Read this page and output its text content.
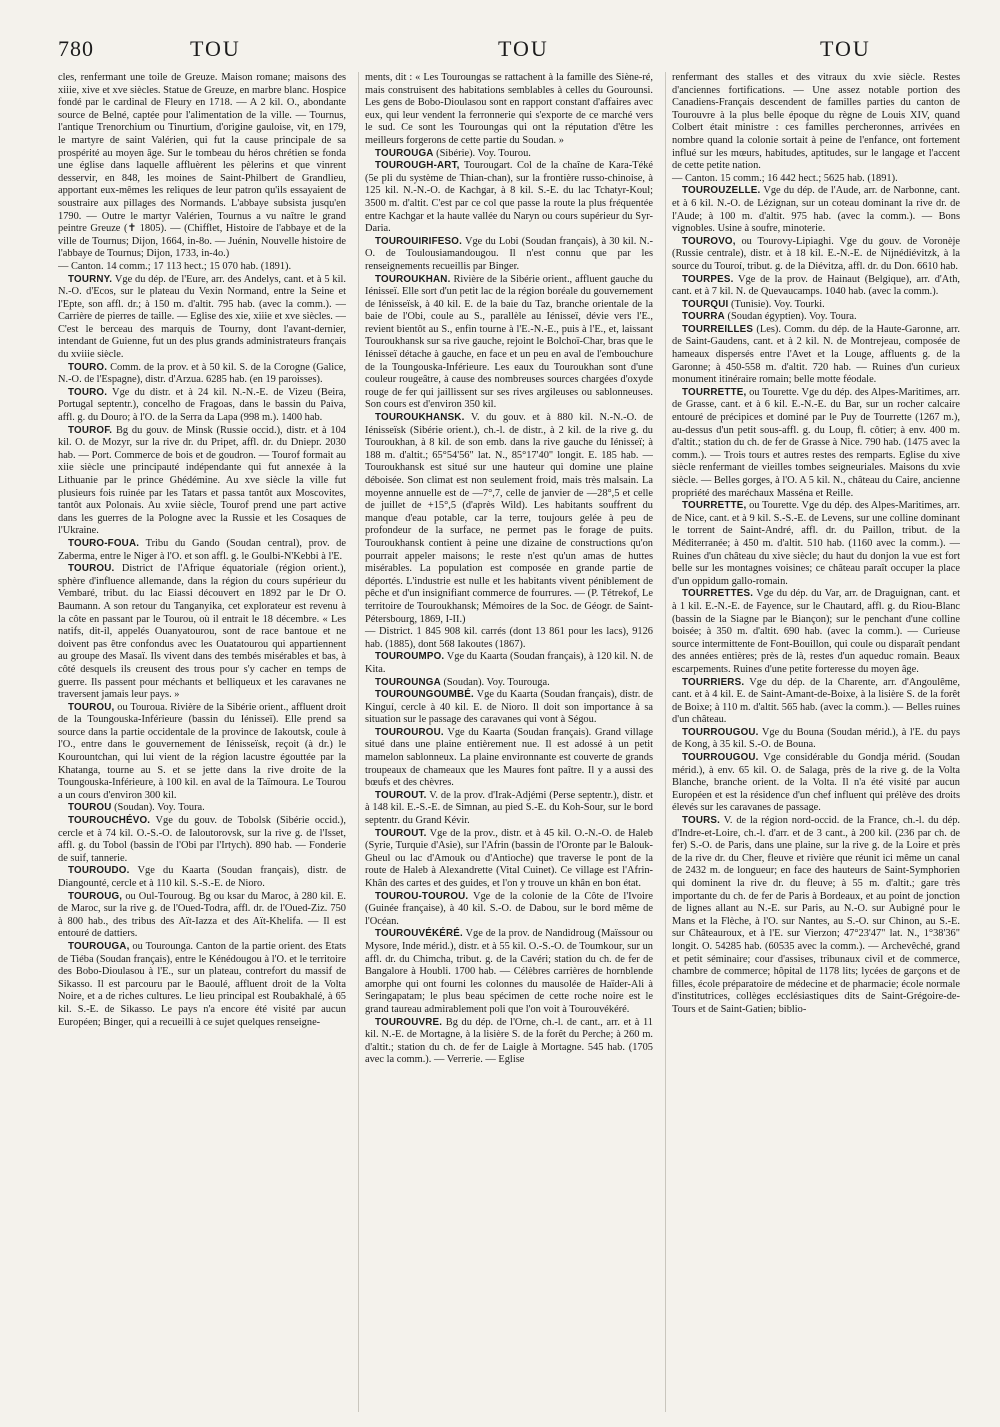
780	TOU	TOU	TOU

cles, renfermant une toile de Greuze. Maison romane; maisons des xiiie, xive et xve siècles. Statue de Greuze, en marbre blanc. Hospice fondé par le cardinal de Fleury en 1718. — A 2 kil. O., abondante source de Belné, captée pour l'alimentation de la ville. — Tournus, l'antique Trenorchium ou Tinurtium, d'origine gauloise, vit, en 179, le martyre de saint Valérien, qui fut la cause principale de sa prospérité au moyen âge. Sur le tombeau du héros chrétien se fonda une église dans laquelle affluèrent les pèlerins et que vinrent desservir, en 848, les moines de Saint-Philbert de Grandlieu, apportant eux-mêmes les reliques de leur patron qu'ils essayaient de soustraire aux pillages des Normands. L'abbaye subsista jusqu'en 1790. — Outre le martyr Valérien, Tournus a vu naître le grand peintre Greuze (✝ 1805). — (Chifflet, Histoire de l'abbaye et de la ville de Tournus; Dijon, 1664, in-8o. — Juénin, Nouvelle histoire de l'abbaye de Tournus; Dijon, 1733, in-4o.)

— Canton. 14 comm.; 17 113 hect.; 15 070 hab. (1891).

TOURNY. Vge du dép. de l'Eure, arr. des Andelys, cant. et à 5 kil. N.-O. d'Ecos, sur le plateau du Vexin Normand, entre la Seine et l'Epte, son affl. dr.; à 150 m. d'altit. 795 hab. (avec la comm.). — Carrière de pierres de taille. — Eglise des xie, xiiie et xve siècles. — C'est le berceau des marquis de Tourny, dont l'avant-dernier, intendant de Guienne, fut un des plus grands administrateurs français du xviiie siècle.

TOURO. Comm. de la prov. et à 50 kil. S. de la Corogne (Galice, N.-O. de l'Espagne), distr. d'Arzua. 6285 hab. (en 19 paroisses).

TOURO. Vge du distr. et à 24 kil. N.-N.-E. de Vizeu (Beira, Portugal septentr.), concelho de Fragoas, dans le bassin du Paiva, affl. g. du Douro; à l'O. de la Serra da Lapa (998 m.). 1400 hab.

TOUROF. Bg du gouv. de Minsk (Russie occid.), distr. et à 104 kil. O. de Mozyr, sur la rive dr. du Pripet, affl. dr. du Dniepr. 2030 hab. — Port. Commerce de bois et de goudron. — Tourof formait au xiie siècle une principauté indépendante qui fut annexée à la Lithuanie par le prince Ghédémine. Au xve siècle la ville fut plusieurs fois ruinée par les Tatars et passa tantôt aux Moscovites, tantôt aux Polonais. Au xviie siècle, Tourof prend une part active dans les guerres de la Pologne avec la Russie et les Cosaques de l'Ukraine.

TOURO-FOUA. Tribu du Gando (Soudan central), prov. de Zaberma, entre le Niger à l'O. et son affl. g. le Goulbi-N'Kebbi à l'E.

TOUROU. District de l'Afrique équatoriale (région orient.), sphère d'influence allemande, dans la région du cours supérieur du Vembaré, tribut. du lac Eiassi découvert en 1892 par le Dr O. Baumann. A son retour du Tanganyika, cet explorateur est revenu à la côte en passant par le Tourou, où il entrait le 18 décembre. « Les natifs, dit-il, appelés Ouanyatourou, sont de race bantoue et ne doivent pas être confondus avec les Ouatatourou qui appartiennent au groupe des Masaï. Ils vivent dans des tembés misérables et bas, à côté desquels ils creusent des trous pour s'y cacher en temps de guerre. Ils passent pour méchants et belliqueux et les caravanes ne traversent jamais leur pays. »

TOUROU, ou Touroua. Rivière de la Sibérie orient., affluent droit de la Toungouska-Inférieure (bassin du Iénisseï). Elle prend sa source dans la partie occidentale de la province de Iakoutsk, coule à l'O., entre dans le gouvernement de Iénisseïsk, reçoit (à dr.) le Kourountchan, qui lui vient de la région lacustre égouttée par la Khatanga, tourne au S. et se jette dans la rive droite de la Toungouska-Inférieure, à 100 kil. en aval de la Taïmoura. Le Tourou a un cours d'environ 300 kil.

TOUROU (Soudan). Voy. Toura.

TOUROUCHÉVO. Vge du gouv. de Tobolsk (Sibérie occid.), cercle et à 74 kil. O.-S.-O. de Ialoutorovsk, sur la rive g. de l'Isset, affl. g. du Tobol (bassin de l'Obi par l'Irtych). 890 hab. — Fonderie de suif, tannerie.

TOUROUDO. Vge du Kaarta (Soudan français), distr. de Diangounté, cercle et à 110 kil. S.-S.-E. de Nioro.

TOUROUG, ou Oul-Touroug. Bg ou ksar du Maroc, à 280 kil. E. de Maroc, sur la rive g. de l'Oued-Todra, affl. dr. de l'Oued-Ziz. 750 à 800 hab., des tribus des Aït-Iazza et des Aït-Khelifa. — Il est entouré de dattiers.

TOUROUGA, ou Tourounga. Canton de la partie orient. des Etats de Tiéba (Soudan français), entre le Kénédougou à l'O. et le territoire des Bobo-Dioulasou à l'E., sur un plateau, contrefort du massif de Sikasso. Il est parcouru par le Baoulé, affluent droit de la Volta Noire, et a de riches cultures. Le lieu principal est Roubakhalé, à 65 kil. S.-E. de Sikasso. Le pays n'a encore été visité par aucun Européen; Binger, qui a recueilli à ce sujet quelques renseigne-

ments, dit : « Les Touroungas se rattachent à la famille des Siène-ré, mais construisent des habitations semblables à celles du Gourounsi. Les gens de Bobo-Dioulasou sont en rapport constant d'affaires avec eux, qui leur vendent la ferronnerie qui s'exporte de ce marché vers le sud. Ce sont les Touroungas qui ont la réputation d'être les meilleurs forgerons de cette partie du Soudan. »

TOUROUGA (Sibérie). Voy. Tourou.

TOUROUGH-ART, Tourougart. Col de la chaîne de Kara-Téké (5e pli du système de Thian-chan), sur la frontière russo-chinoise, à 125 kil. N.-N.-O. de Kachgar, à 8 kil. S.-E. du lac Tchatyr-Koul; 3500 m. d'altit. C'est par ce col que passe la route la plus fréquentée entre Kachgar et la haute vallée du Naryn ou cours supérieur du Syr-Daria.

TOUROUIRIFESO. Vge du Lobi (Soudan français), à 30 kil. N.-O. de Toulousiamandougou. Il n'est connu que par les renseignements recueillis par Binger.

TOUROUKHAN. Rivière de la Sibérie orient., affluent gauche du Iénisseï. Elle sort d'un petit lac de la région boréale du gouvernement de Iénisseïsk, à 40 kil. E. de la baie du Taz, branche orientale de la baie de l'Obi, coule au S., parallèle au Iénisseï, dévie vers l'E., revient bientôt au S., enfin tourne à l'E.-N.-E., puis à l'E., et, laissant Touroukhansk sur sa rive gauche, rejoint le Bolchoï-Char, bras que le Iénisseï détache à gauche, en face et un peu en aval de l'embouchure de la Toungouska-Inférieure. Les eaux du Touroukhan sont d'une couleur rougeâtre, à cause des nombreuses sources chargées d'oxyde rouge de fer qui jaillissent sur ses rives argileuses ou sablonneuses. Son cours est d'environ 350 kil.

TOUROUKHANSK. V. du gouv. et à 880 kil. N.-N.-O. de Iénisseïsk (Sibérie orient.), ch.-l. de distr., à 2 kil. de la rive g. du Touroukhan, à 8 kil. de son emb. dans la rive gauche du Iénisseï; à 188 m. d'altit.; 65°54'56" lat. N., 85°17'40" longit. E. 185 hab. — Touroukhansk est situé sur une hauteur qui domine une plaine déboisée. Son climat est non seulement froid, mais très malsain. La moyenne annuelle est de —7°,7, celle de janvier de —28°,5 et celle de juillet de +15°,5 (d'après Wild). Les habitants souffrent du manque d'eau potable, car la terre, toujours gelée à peu de profondeur de la surface, ne permet pas le forage de puits. Touroukhansk contient à peine une dizaine de constructions qu'on pourrait appeler maisons; le reste n'est qu'un amas de huttes misérables. La population est composée en grande partie de déportés. L'industrie est nulle et les habitants vivent péniblement de pêche et d'un insignifiant commerce de fourrures. — (P. Tétrekof, Le territoire de Touroukhansk; Mémoires de la Soc. de Géogr. de Saint-Pétersbourg, 1869, I-II.)

— District. 1 845 908 kil. carrés (dont 13 861 pour les lacs), 9126 hab. (1885), dont 568 Iakoutes (1867).

TOUROUMPO. Vge du Kaarta (Soudan français), à 120 kil. N. de Kita.

TOUROUNGA (Soudan). Voy. Tourouga.

TOUROUNGOUMBÉ. Vge du Kaarta (Soudan français), distr. de Kinguí, cercle à 40 kil. E. de Nioro. Il doit son importance à sa situation sur le passage des caravanes qui vont à Ségou.

TOUROUROU. Vge du Kaarta (Soudan français). Grand village situé dans une plaine entièrement nue. Il est adossé à un petit mamelon sablonneux. La plaine environnante est couverte de grands troupeaux de chameaux que les Maures font paître. Il y a aussi des bœufs et des chèvres.

TOUROUT. V. de la prov. d'Irak-Adjémi (Perse septentr.), distr. et à 148 kil. E.-S.-E. de Simnan, au pied S.-E. du Koh-Sour, sur le bord septentr. du Grand Kévir.

TOUROUT. Vge de la prov., distr. et à 45 kil. O.-N.-O. de Haleb (Syrie, Turquie d'Asie), sur l'Afrin (bassin de l'Oronte par le Balouk-Gheul ou lac d'Amouk ou d'Antioche) que traverse le pont de la route de Haleb à Alexandrette (Vital Cuinet). Ce village est l'Afrin-Khân des cartes et des guides, et l'on y trouve un khân en bon état.

TOUROU-TOUROU. Vge de la colonie de la Côte de l'Ivoire (Guinée française), à 40 kil. S.-O. de Dabou, sur le bord même de l'Océan.

TOUROUVÉKÉRÉ. Vge de la prov. de Nandidroug (Maïssour ou Mysore, Inde mérid.), distr. et à 55 kil. O.-S.-O. de Toumkour, sur un affl. dr. du Chimcha, tribut. g. de la Cavéri; station du ch. de fer de Bangalore à Houbli. 1700 hab. — Célèbres carrières de hornblende amorphe qui ont fourni les colonnes du mausolée de Haïder-Ali à Seringapatam; le plus beau spécimen de cette roche noire est le grand taureau admirablement poli que l'on voit à Tourouvékéré.

TOUROUVRE. Bg du dép. de l'Orne, ch.-l. de cant., arr. et à 11 kil. N.-E. de Mortagne, à la lisière S. de la forêt du Perche; à 260 m. d'altit.; station du ch. de fer de Laigle à Mortagne. 545 hab. (1705 avec la comm.). — Verrerie. — Eglise

renfermant des stalles et des vitraux du xvie siècle. Restes d'anciennes fortifications. — Une assez notable portion des Canadiens-Français descendent de familles parties du canton de Tourouvre à la plus belle époque du règne de Louis XIV, quand Colbert était ministre : ces familles percheronnes, arrivées en nombre quand la colonie sortait à peine de l'enfance, ont fortement influé sur les mœurs, habitudes, aptitudes, sur le langage et l'accent de cette petite nation.

— Canton. 15 comm.; 16 442 hect.; 5625 hab. (1891).

TOUROUZELLE. Vge du dép. de l'Aude, arr. de Narbonne, cant. et à 6 kil. N.-O. de Lézignan, sur un coteau dominant la rive dr. de l'Aude; à 100 m. d'altit. 975 hab. (avec la comm.). — Bons vignobles. Usine à soufre, minoterie.

TOUROVO, ou Tourovy-Lipiaghi. Vge du gouv. de Voronèje (Russie centrale), distr. et à 18 kil. E.-N.-E. de Nijnédiévitzk, à la source du Touroí, tribut. g. de la Diévitza, affl. dr. du Don. 6610 hab.

TOURPES. Vge de la prov. de Hainaut (Belgique), arr. d'Ath, cant. et à 7 kil. N. de Quevaucamps. 1040 hab. (avec la comm.).

TOURQUI (Tunisie). Voy. Tourki.

TOURRA (Soudan égyptien). Voy. Toura.

TOURREILLES (Les). Comm. du dép. de la Haute-Garonne, arr. de Saint-Gaudens, cant. et à 2 kil. N. de Montrejeau, composée de hameaux dispersés entre l'Avet et la Louge, affluents g. de la Garonne; à 450-558 m. d'altit. 720 hab. — Ruines d'un curieux monument itinéraire romain; belle motte féodale.

TOURRETTE, ou Tourette. Vge du dép. des Alpes-Maritimes, arr. de Grasse, cant. et à 6 kil. E.-N.-E. du Bar, sur un rocher calcaire entouré de précipices et dominé par le Puy de Tourrette (1267 m.), au-dessus d'un petit sous-affl. g. du Loup, fl. côtier; à env. 400 m. d'altit.; station du ch. de fer de Grasse à Nice. 790 hab. (1475 avec la comm.). — Trois tours et autres restes des remparts. Eglise du xive siècle renfermant de vieilles tombes seigneuriales. Maisons du xvie siècle. — Belles gorges, à l'O. A 5 kil. N., château du Caire, ancienne propriété des maréchaux Masséna et Reille.

TOURRETTE, ou Tourette. Vge du dép. des Alpes-Maritimes, arr. de Nice, cant. et à 9 kil. S.-S.-E. de Levens, sur une colline dominant le torrent de Saint-André, affl. dr. du Paillon, tribut. de la Méditerranée; à 450 m. d'altit. 510 hab. (1160 avec la comm.). — Ruines d'un château du xive siècle; du haut du donjon la vue est fort belle sur les montagnes voisines; ce château paraît occuper la place d'un oppidum gallo-romain.

TOURRETTES. Vge du dép. du Var, arr. de Draguignan, cant. et à 1 kil. E.-N.-E. de Fayence, sur le Chautard, affl. g. du Riou-Blanc (bassin de la Siagne par le Biançon); sur le penchant d'une colline boisée; à 350 m. d'altit. 690 hab. (avec la comm.). — Curieuse source intermittente de Font-Bouillon, qui coule ou disparaît pendant des années entières; près de là, restes d'un aqueduc romain. Beaux escarpements. Ruines d'une petite forteresse du moyen âge.

TOURRIERS. Vge du dép. de la Charente, arr. d'Angoulême, cant. et à 4 kil. E. de Saint-Amant-de-Boixe, à la lisière S. de la forêt de Boixe; à 110 m. d'altit. 565 hab. (avec la comm.). — Belles ruines d'un château.

TOURROUGOU. Vge du Bouna (Soudan mérid.), à l'E. du pays de Kong, à 35 kil. S.-O. de Bouna.

TOURROUGOU. Vge considérable du Gondja mérid. (Soudan mérid.), à env. 65 kil. O. de Salaga, près de la rive g. de la Volta Blanche, branche orient. de la Volta. Il n'a été visité par aucun Européen et est la résidence d'un chef influent qui prélève des droits élevés sur les caravanes de passage.

TOURS. V. de la région nord-occid. de la France, ch.-l. du dép. d'Indre-et-Loire, ch.-l. d'arr. et de 3 cant., à 200 kil. (236 par ch. de fer) S.-O. de Paris, dans une plaine, sur la rive g. de la Loire et près de la rive dr. du Cher, fleuve et rivière que réunit ici même un canal de 2432 m. de longueur; en face des hauteurs de Saint-Symphorien qui dominent la rive dr. du fleuve; à 55 m. d'altit.; gare très importante du ch. de fer de Paris à Bordeaux, et au point de jonction de lignes allant au N.-E. sur Paris, au N.-O. sur Aubigné pour le Mans et la Flèche, à l'O. sur Nantes, au S.-O. sur Chinon, au S.-E. sur Châteauroux, et à l'E. sur Vierzon; 47°23'47" lat. N., 1°38'36" longit. O. 54285 hab. (60535 avec la comm.). — Archevêché, grand et petit séminaire; cour d'assises, tribunaux civil et de commerce, chambre de commerce; hôpital de 1178 lits; lycées de garçons et de filles, école préparatoire de médecine et de pharmacie; école normale d'institutrices, collèges ecclésiastiques dits de Saint-Grégoire-de-Tours et de Saint-Gatien; biblio-
